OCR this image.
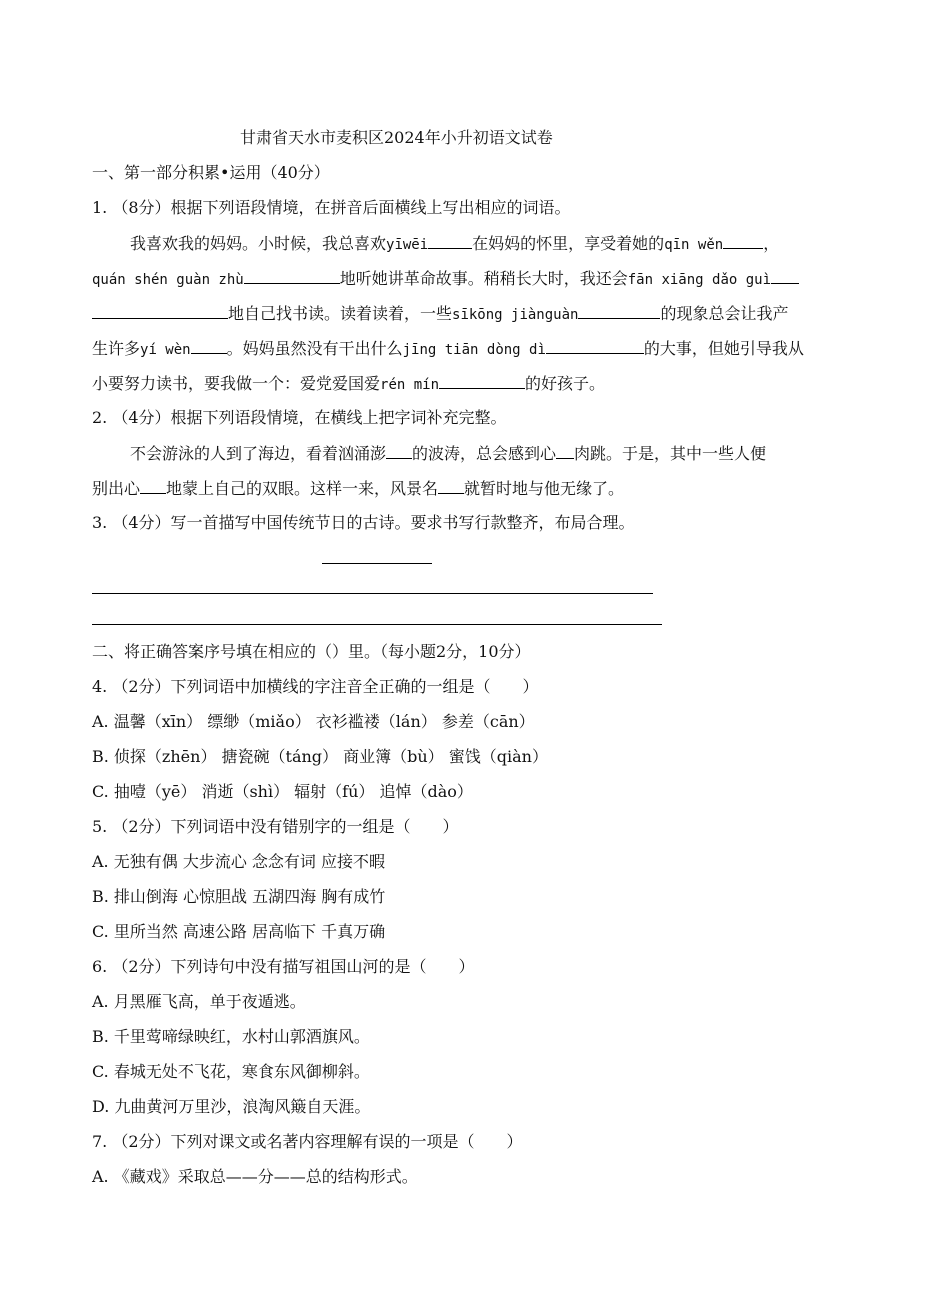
甘肃省天水市麦积区2024年小升初语文试卷
一、第一部分积累•运用（40分）
1. （8分）根据下列语段情境，在拼音后面横线上写出相应的词语。
我喜欢我的妈妈。小时候，我总喜欢yīwēi	在妈妈的怀里，享受着她的qīn wěn	，
quán shén guàn zhù	地听她讲革命故事。稍稍长大时，我还会fān xiāng dǎo guì
地自己找书读。读着读着，一些sīkōng jiànguàn	的现象总会让我产
生许多yí wèn 。妈妈虽然没有干出什么jīng tiān dòng dì	的大事，但她引导我从
小要努力读书，要我做一个：爱党爱国爱rén mín	的好孩子。
2. （4分）根据下列语段情境，在横线上把字词补充完整。
不会游泳的人到了海边，看着汹涌澎 的波涛，总会感到心 肉跳。于是，其中一些人便
别出心 地蒙上自己的双眼。这样一来，风景名 就暂时地与他无缘了。
3. （4分）写一首描写中国传统节日的古诗。要求书写行款整齐，布局合理。
二、将正确答案序号填在相应的（）里。（每小题2分，10分）
4. （2分）下列词语中加横线的字注音全正确的一组是（　　）
A. 温馨（xīn） 缥缈（miǎo） 衣衫褴褛（lán） 参差（cān）
B. 侦探（zhēn） 搪瓷碗（táng） 商业簿（bù） 蜜饯（qiàn）
C. 抽噎（yē） 消逝（shì） 辐射（fú） 追悼（dào）
5. （2分）下列词语中没有错别字的一组是（　　）
A. 无独有偶 大步流心 念念有词 应接不暇
B. 排山倒海 心惊胆战 五湖四海 胸有成竹
C. 里所当然 高速公路 居高临下 千真万确
6. （2分）下列诗句中没有描写祖国山河的是（　　）
A. 月黑雁飞高，单于夜遁逃。
B. 千里莺啼绿映红，水村山郭酒旗风。
C. 春城无处不飞花，寒食东风御柳斜。
D. 九曲黄河万里沙，浪淘风簸自天涯。
7. （2分）下列对课文或名著内容理解有误的一项是（　　）
A. 《藏戏》采取总——分——总的结构形式。
